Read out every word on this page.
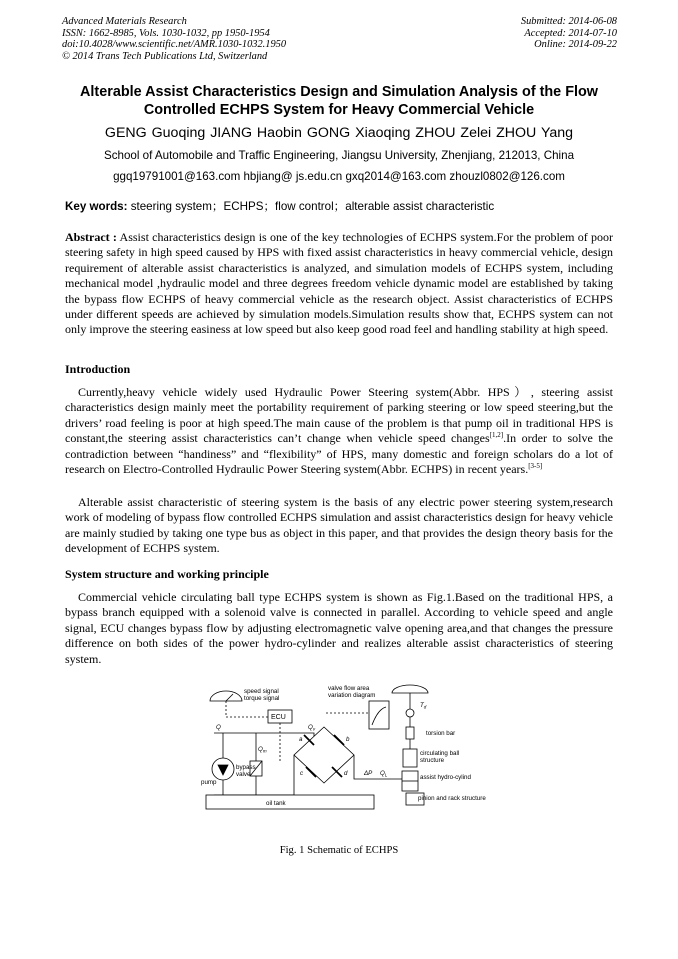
Advanced Materials Research
ISSN: 1662-8985, Vols. 1030-1032, pp 1950-1954
doi:10.4028/www.scientific.net/AMR.1030-1032.1950
© 2014 Trans Tech Publications Ltd, Switzerland
Submitted: 2014-06-08
Accepted: 2014-07-10
Online: 2014-09-22
Alterable Assist Characteristics Design and Simulation Analysis of the Flow Controlled ECHPS System for Heavy Commercial Vehicle
GENG Guoqing JIANG Haobin GONG Xiaoqing ZHOU Zelei ZHOU Yang
School of Automobile and Traffic Engineering, Jiangsu University, Zhenjiang, 212013, China
ggq19791001@163.com hbjiang@ js.edu.cn gxq2014@163.com zhouzl0802@126.com
Key words: steering system；ECHPS；flow control；alterable assist characteristic

Abstract : Assist characteristics design is one of the key technologies of ECHPS system.For the problem of poor steering safety in high speed caused by HPS with fixed assist characteristics in heavy commercial vehicle, design requirement of alterable assist characteristics is analyzed, and simulation models of ECHPS system, including mechanical model ,hydraulic model and three degrees freedom vehicle dynamic model are established by taking the bypass flow ECHPS of heavy commercial vehicle as the research object. Assist characteristics of ECHPS under different speeds are achieved by simulation models.Simulation results show that, ECHPS system can not only improve the steering easiness at low speed but also keep good road feel and handling stability at high speed.

Introduction

Currently,heavy vehicle widely used Hydraulic Power Steering system(Abbr. HPS）, steering assist characteristics design mainly meet the portability requirement of parking steering or low speed steering,but the drivers’ road feeling is poor at high speed.The main cause of the problem is that pump oil in traditional HPS is constant,the steering assist characteristics can’t change when vehicle speed changes[1,2].In order to solve the contradiction between “handiness” and “flexibility” of HPS, many domestic and foreign scholars do a lot of research on Electro-Controlled Hydraulic Power Steering system(Abbr. ECHPS) in recent years.[3-5]

Alterable assist characteristic of steering system is the basis of any electric power steering system,research work of modeling of bypass flow controlled ECHPS simulation and assist characteristics design for heavy vehicle are mainly studied by taking one type bus as object in this paper, and that provides the design theory basis for the development of ECHPS system.

System structure and working principle

Commercial vehicle circulating ball type ECHPS system is shown as Fig.1.Based on the traditional HPS, a bypass branch equipped with a solenoid valve is connected in parallel. According to vehicle speed and angle signal, ECU changes bypass flow by adjusting electromagnetic valve opening area,and that changes the pressure difference on both sides of the power hydro-cylinder and realizes alterable assist characteristics of steering system.

speed signal
torque signal
ECU
valve flow area
variation diagram
$T_d$
torsion bar
circulating ball
structure
assist hydro-cylind
pinion and rack structure
pump
bypass
valve
oil tank
Q
$Q_m$
$Q_v$
ΔP $Q_L$
a	b
c	d
Fig. 1 Schematic of ECHPS
